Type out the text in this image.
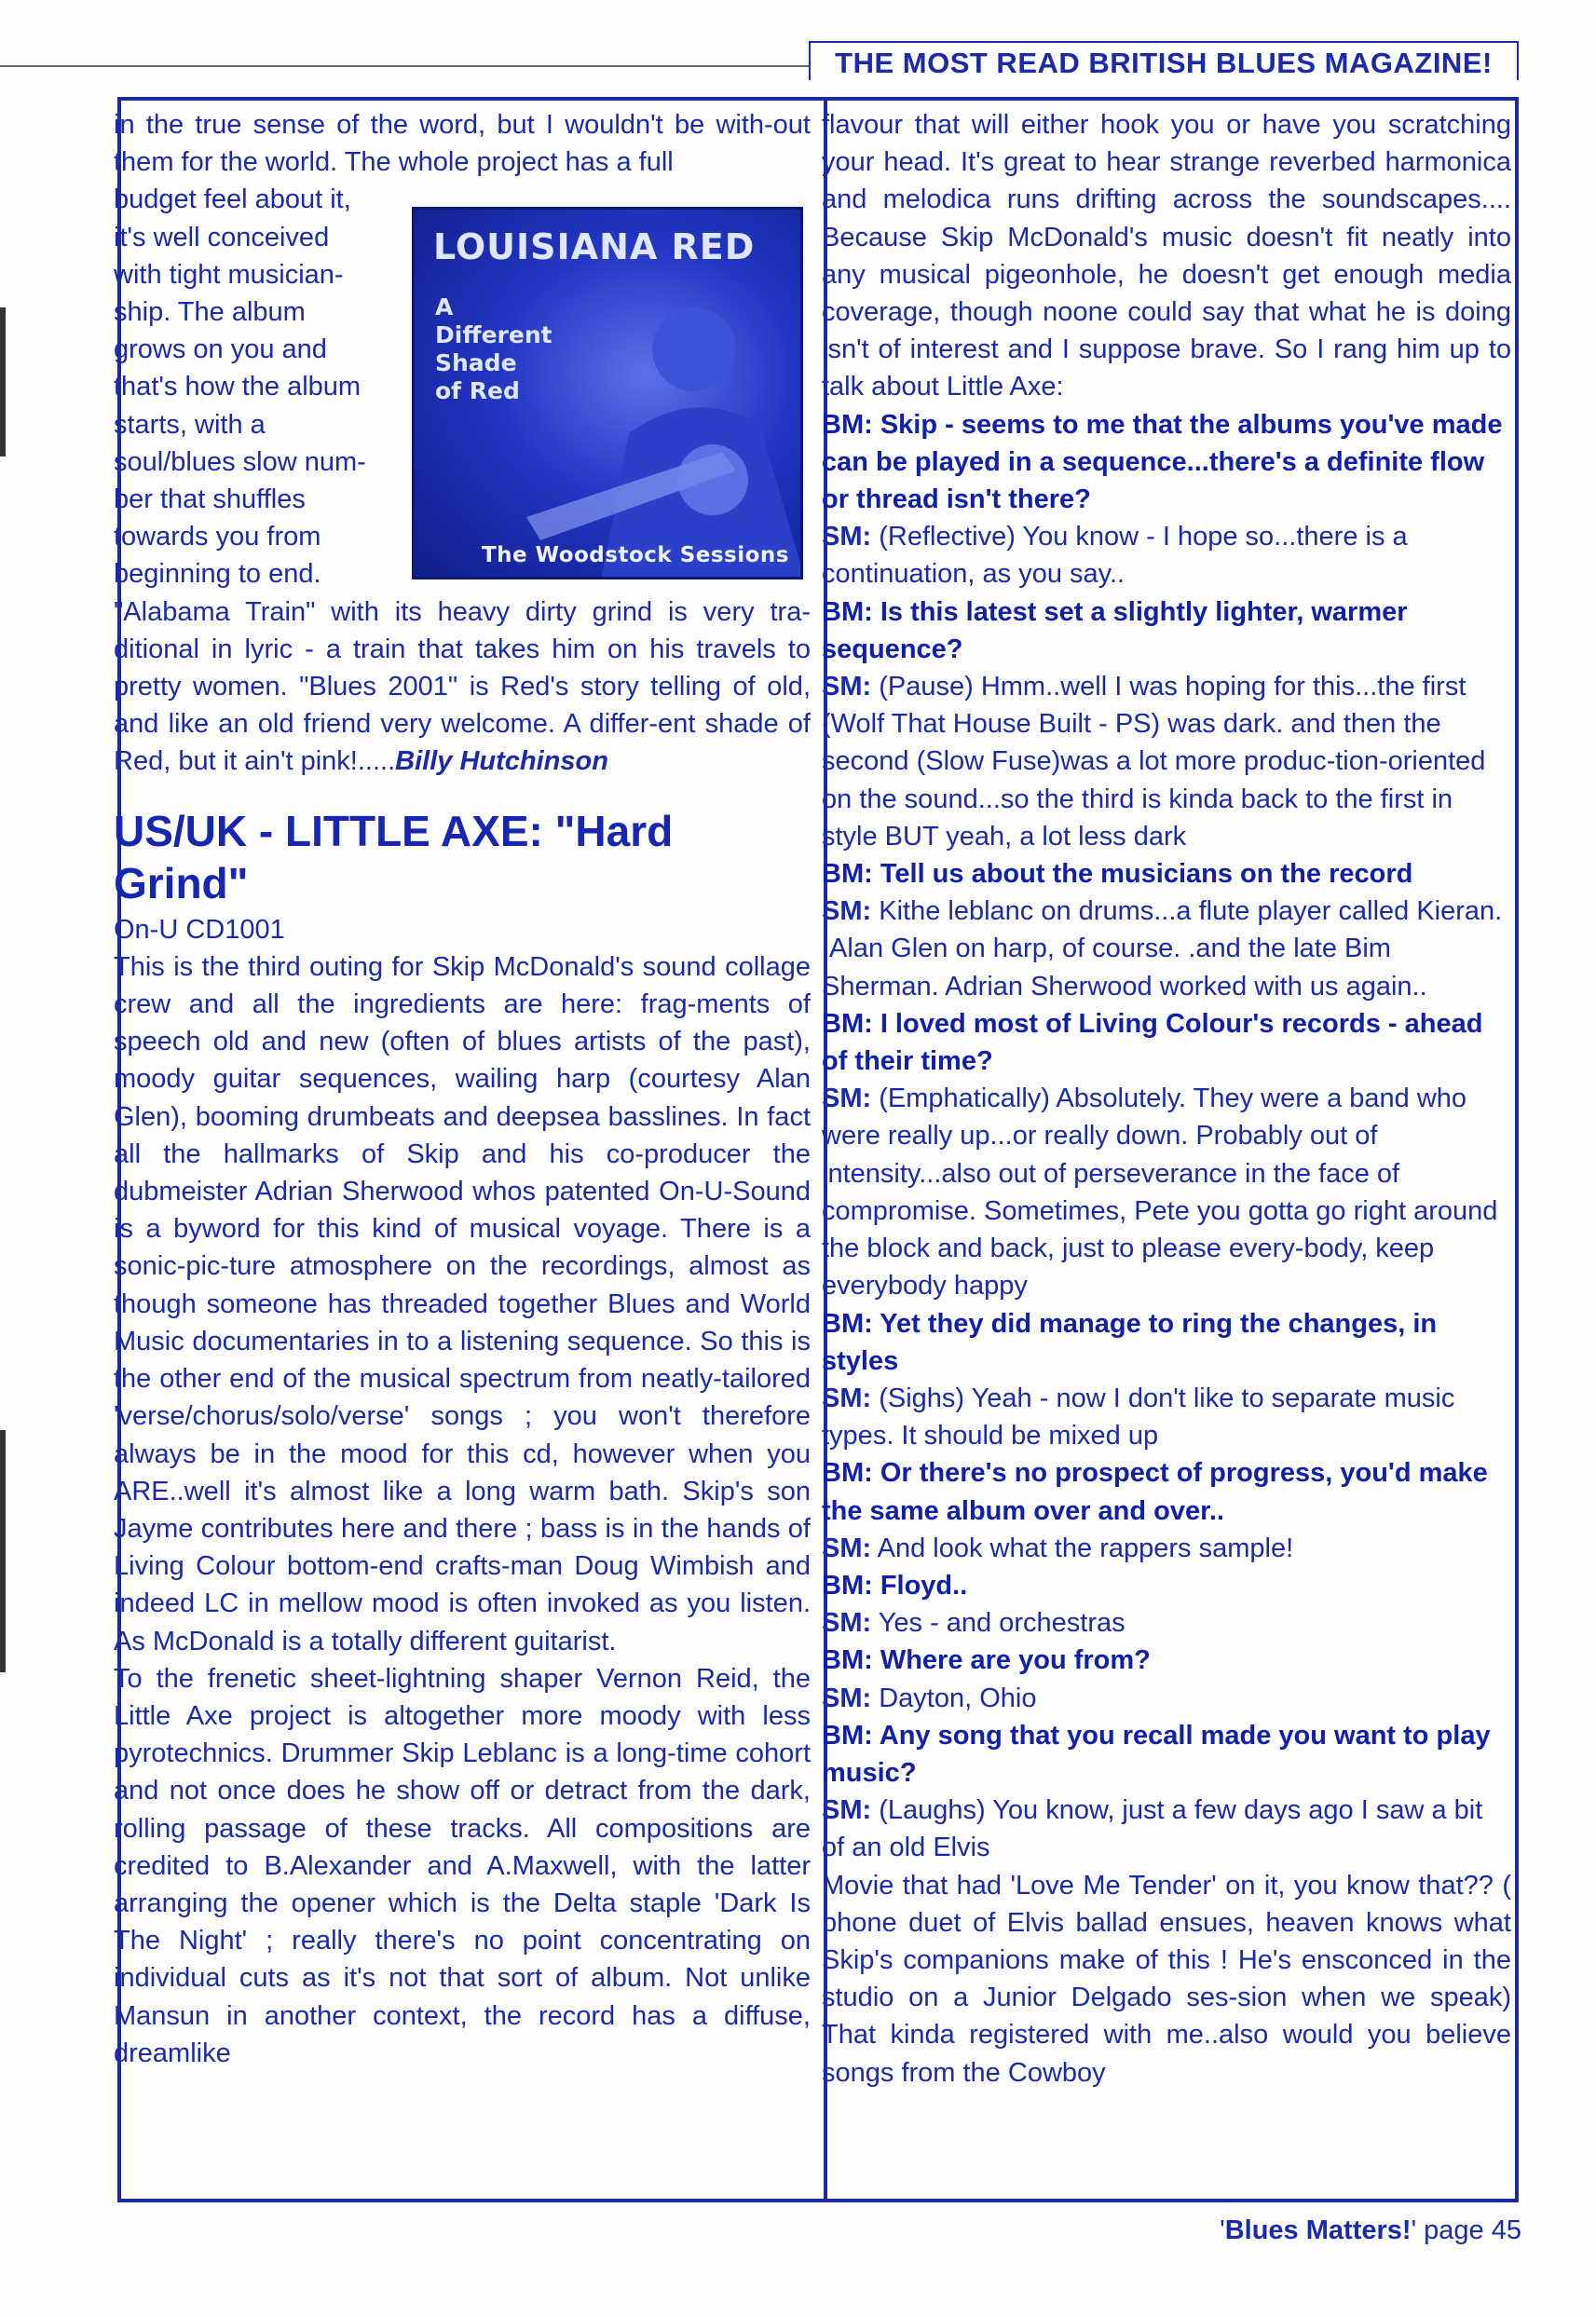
THE MOST READ BRITISH BLUES MAGAZINE!
LOUISIANA RED
A Different Shade of Red
The Woodstock Sessions

in the true sense of the word, but I wouldn't be with-out them for the world. The whole project has a full

budget feel about it,
it's well conceived
with tight musician-
ship. The album
grows on you and
that's how the album
starts, with a
soul/blues slow num-
ber that shuffles
towards you from
beginning to end.

"Alabama Train" with its heavy dirty grind is very tra-ditional in lyric - a train that takes him on his travels to pretty women. "Blues 2001" is Red's story telling of old, and like an old friend very welcome. A differ-ent shade of Red, but it ain't pink!.....Billy Hutchinson

US/UK - LITTLE AXE: "Hard Grind"

On-U CD1001

This is the third outing for Skip McDonald's sound collage crew and all the ingredients are here: frag-ments of speech old and new (often of blues artists of the past), moody guitar sequences, wailing harp (courtesy Alan Glen), booming drumbeats and deepsea basslines. In fact all the hallmarks of Skip and his co-producer the dubmeister Adrian Sherwood whos patented On-U-Sound is a byword for this kind of musical voyage. There is a sonic-pic-ture atmosphere on the recordings, almost as though someone has threaded together Blues and World Music documentaries in to a listening sequence. So this is the other end of the musical spectrum from neatly-tailored 'verse/chorus/solo/verse' songs ; you won't therefore always be in the mood for this cd, however when you ARE..well it's almost like a long warm bath. Skip's son Jayme contributes here and there ; bass is in the hands of Living Colour bottom-end crafts-man Doug Wimbish and indeed LC in mellow mood is often invoked as you listen. As McDonald is a totally different guitarist.

To the frenetic sheet-lightning shaper Vernon Reid, the Little Axe project is altogether more moody with less pyrotechnics. Drummer Skip Leblanc is a long-time cohort and not once does he show off or detract from the dark, rolling passage of these tracks. All compositions are credited to B.Alexander and A.Maxwell, with the latter arranging the opener which is the Delta staple 'Dark Is The Night' ; really there's no point concentrating on individual cuts as it's not that sort of album. Not unlike Mansun in another context, the record has a diffuse, dreamlike

flavour that will either hook you or have you scratching your head. It's great to hear strange reverbed harmonica and melodica runs drifting across the soundscapes.... Because Skip McDonald's music doesn't fit neatly into any musical pigeonhole, he doesn't get enough media coverage, though noone could say that what he is doing isn't of interest and I suppose brave. So I rang him up to talk about Little Axe:

BM: Skip - seems to me that the albums you've made can be played in a sequence...there's a definite flow or thread isn't there?

SM: (Reflective) You know - I hope so...there is a continuation, as you say..

BM: Is this latest set a slightly lighter, warmer sequence?

SM: (Pause) Hmm..well I was hoping for this...the first (Wolf That House Built - PS) was dark. and then the second (Slow Fuse)was a lot more produc-tion-oriented on the sound...so the third is kinda back to the first in style BUT yeah, a lot less dark

BM: Tell us about the musicians on the record

SM: Kithe leblanc on drums...a flute player called Kieran. .Alan Glen on harp, of course. .and the late Bim Sherman. Adrian Sherwood worked with us again..

BM: I loved most of Living Colour's records - ahead of their time?

SM: (Emphatically) Absolutely. They were a band who were really up...or really down. Probably out of intensity...also out of perseverance in the face of compromise. Sometimes, Pete you gotta go right around the block and back, just to please every-body, keep everybody happy

BM: Yet they did manage to ring the changes, in styles

SM: (Sighs) Yeah - now I don't like to separate music types. It should be mixed up

BM: Or there's no prospect of progress, you'd make the same album over and over..

SM: And look what the rappers sample!

BM: Floyd..

SM: Yes - and orchestras

BM: Where are you from?

SM: Dayton, Ohio

BM: Any song that you recall made you want to play music?

SM: (Laughs) You know, just a few days ago I saw a bit of an old Elvis

Movie that had 'Love Me Tender' on it, you know that?? ( phone duet of Elvis ballad ensues, heaven knows what Skip's companions make of this ! He's ensconced in the studio on a Junior Delgado ses-sion when we speak) That kinda registered with me..also would you believe songs from the Cowboy

'Blues Matters!' page 45
